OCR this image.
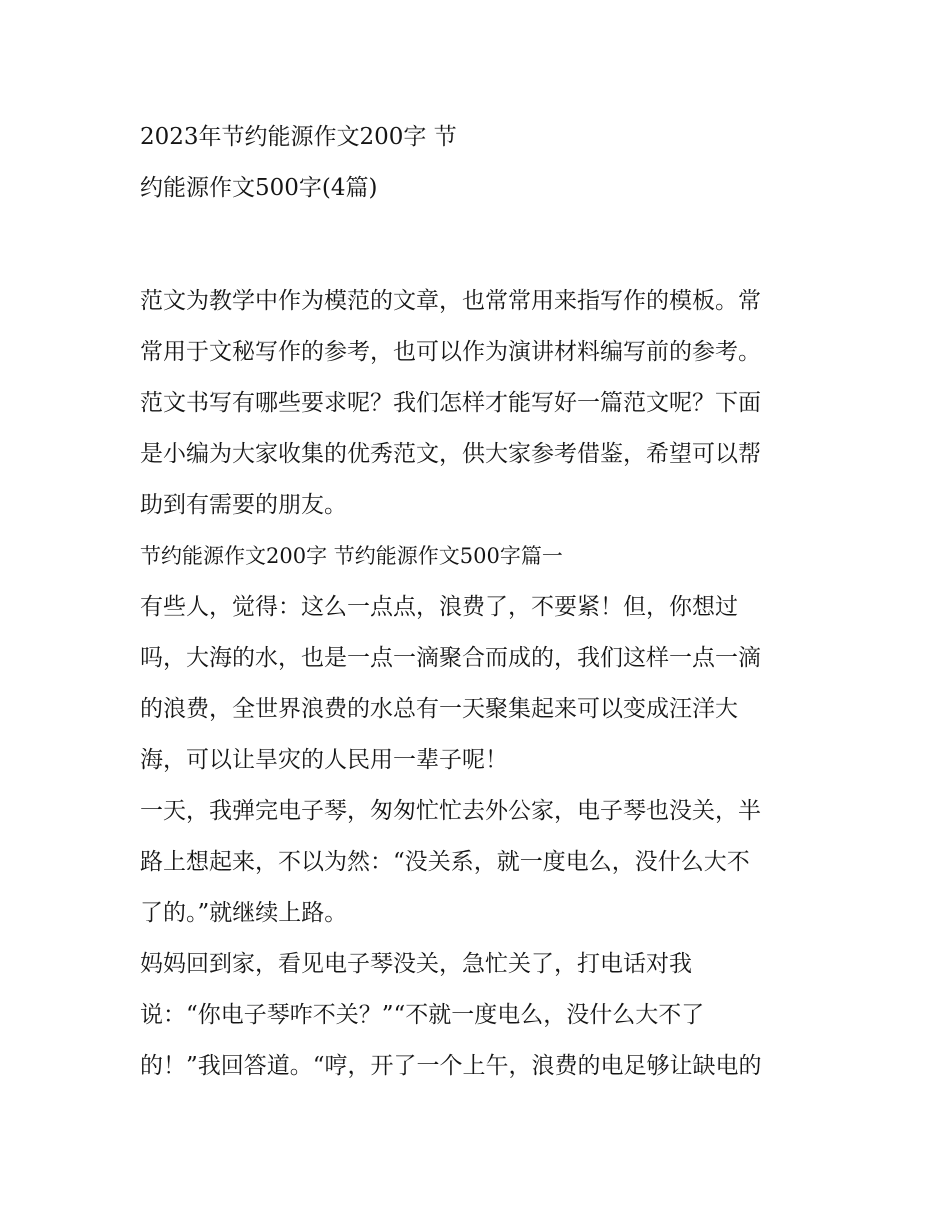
2023年节约能源作文200字 节
约能源作文500字(4篇)
范文为教学中作为模范的文章，也常常用来指写作的模板。常
常用于文秘写作的参考，也可以作为演讲材料编写前的参考。
范文书写有哪些要求呢？我们怎样才能写好一篇范文呢？下面
是小编为大家收集的优秀范文，供大家参考借鉴，希望可以帮
助到有需要的朋友。
节约能源作文200字 节约能源作文500字篇一
有些人，觉得：这么一点点，浪费了，不要紧！但，你想过
吗，大海的水，也是一点一滴聚合而成的，我们这样一点一滴
的浪费，全世界浪费的水总有一天聚集起来可以变成汪洋大
海，可以让旱灾的人民用一辈子呢！
一天，我弹完电子琴，匆匆忙忙去外公家，电子琴也没关，半
路上想起来，不以为然：“没关系，就一度电么，没什么大不
了的。”就继续上路。
妈妈回到家，看见电子琴没关，急忙关了，打电话对我
说：“你电子琴咋不关？”“不就一度电么，没什么大不了
的！”我回答道。“哼，开了一个上午，浪费的电足够让缺电的
